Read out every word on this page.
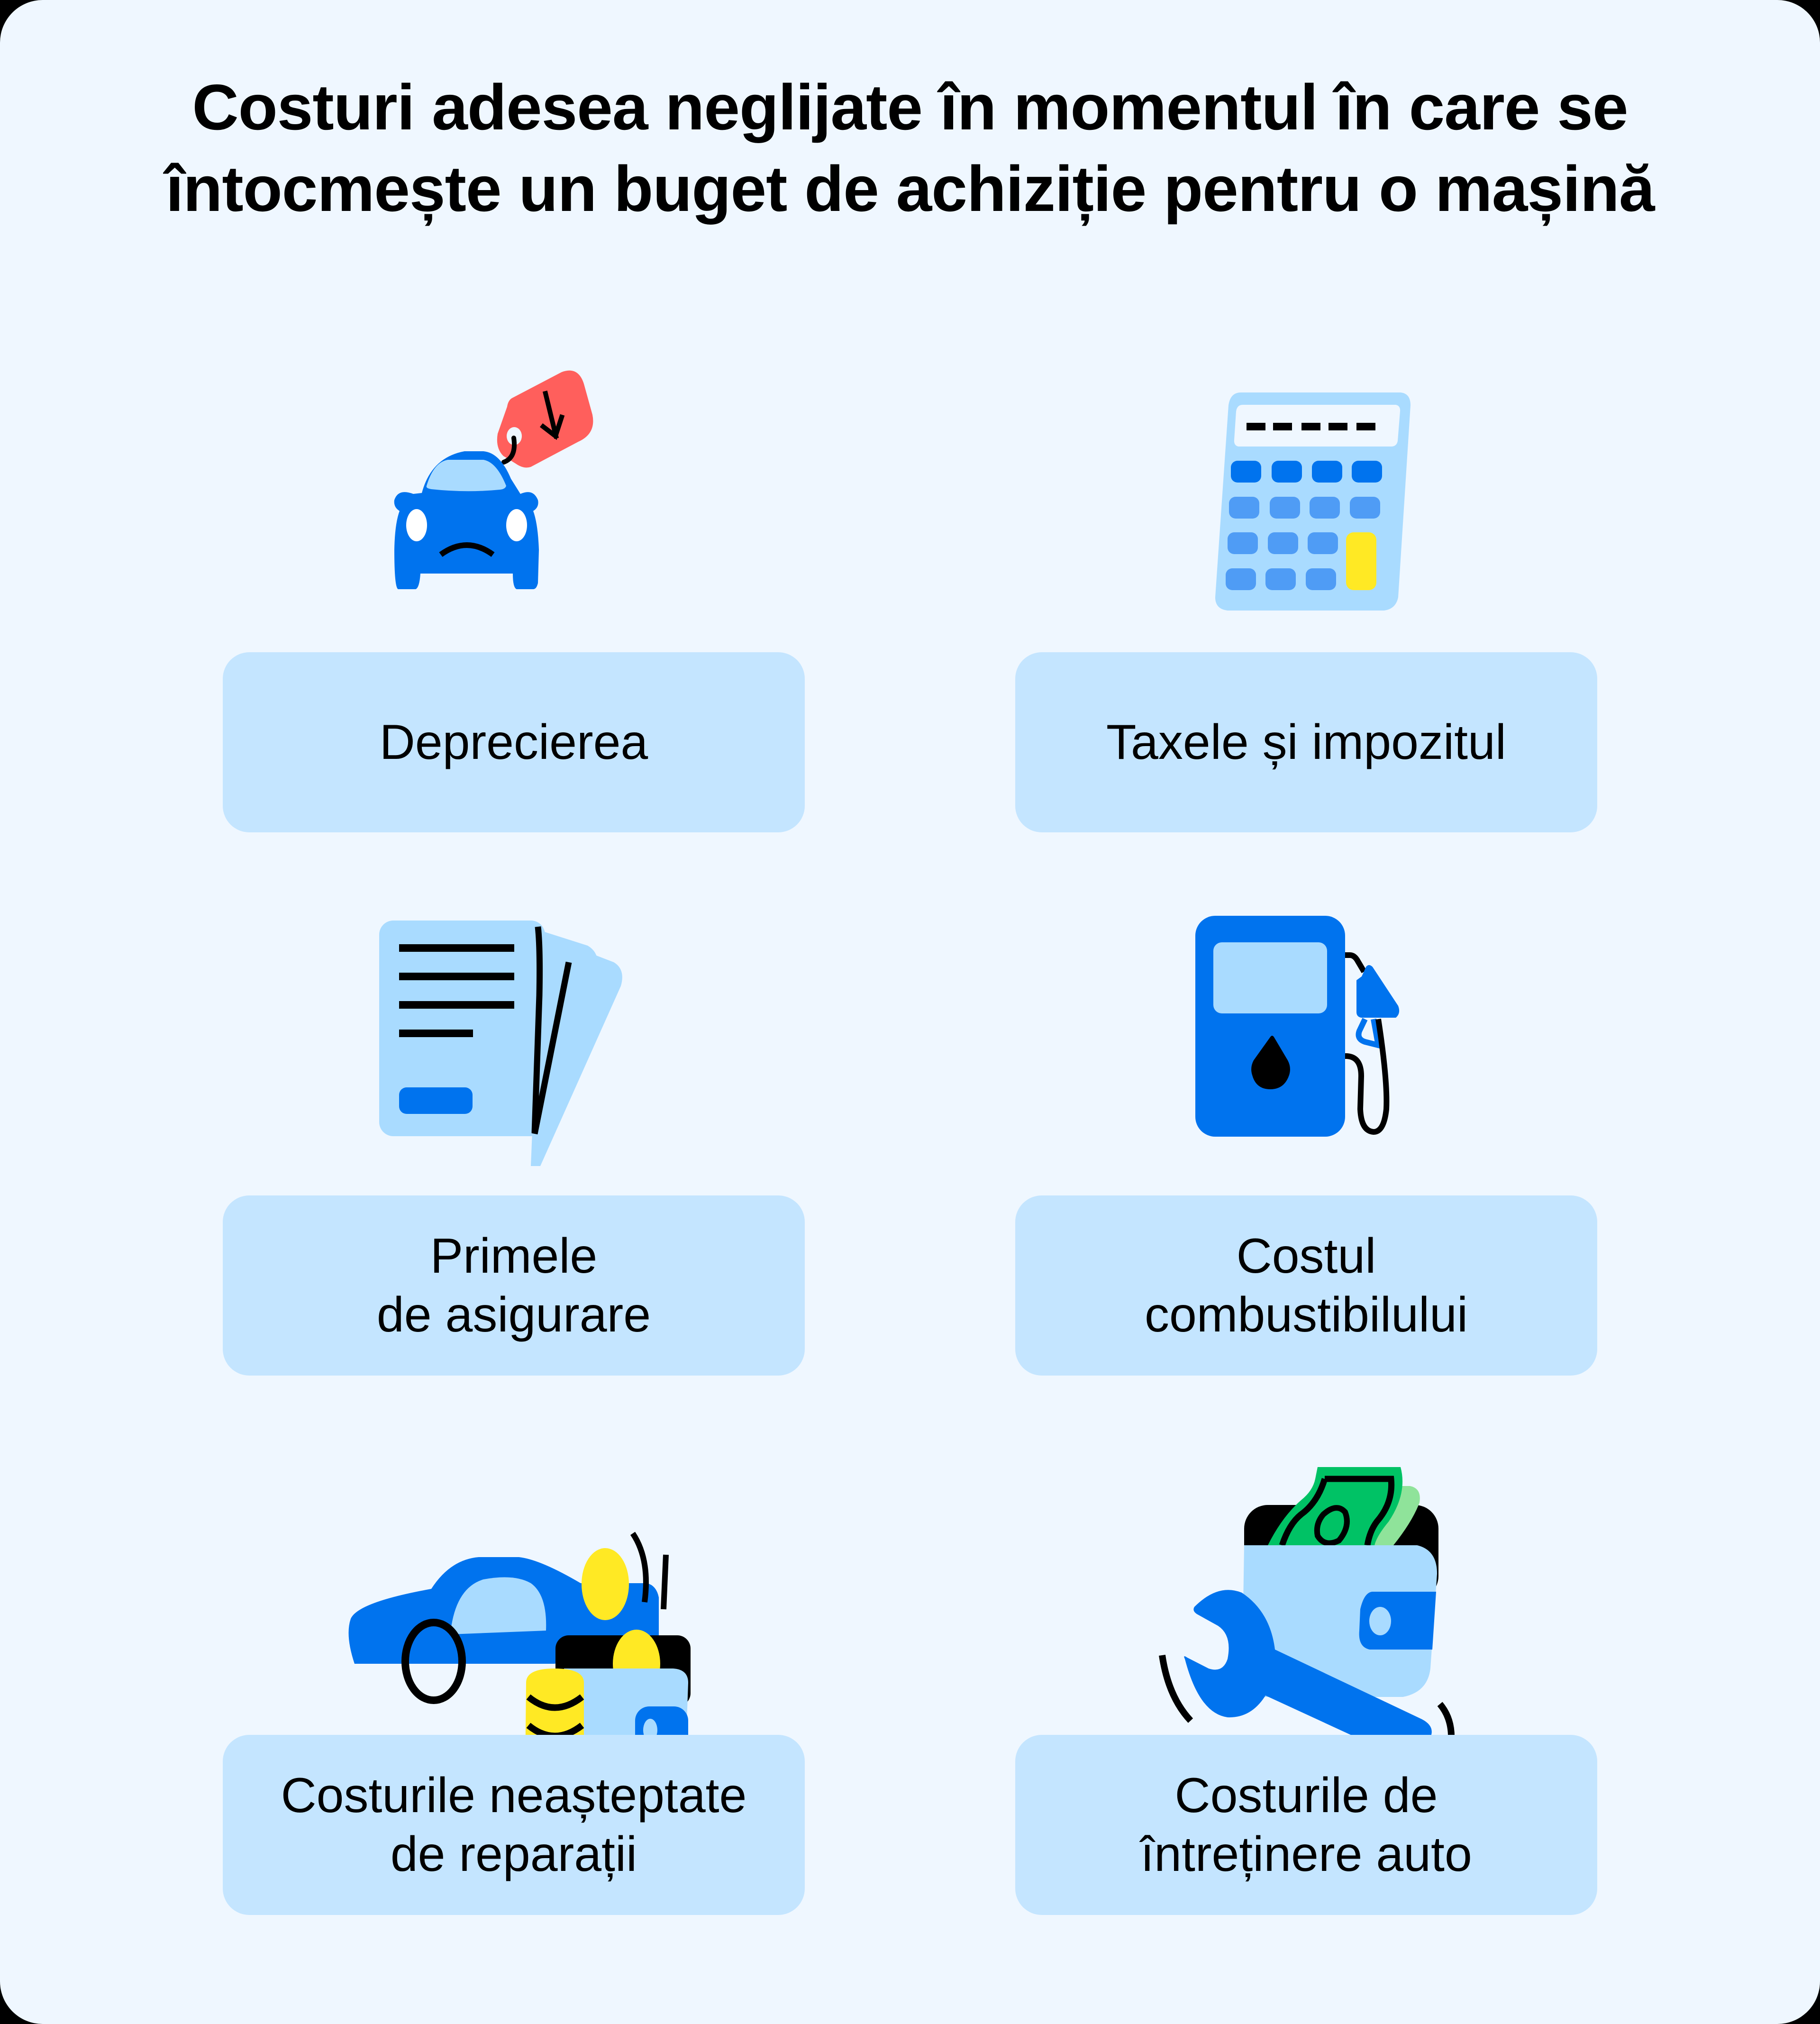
Costuri adesea neglijate în momentul în care se
întocmește un buget de achiziție pentru o mașină
Deprecierea	Taxele și impozitul
Primele
de asigurare
Costul
combustibilului
Costurile neașteptate
de reparații
Costurile de
întreținere auto
